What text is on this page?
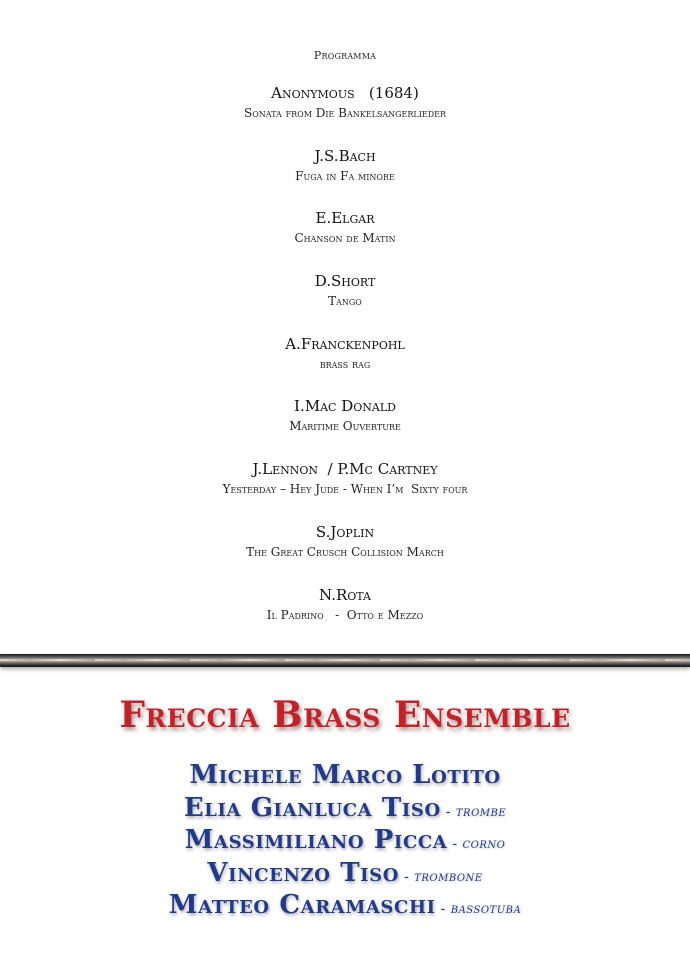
Programma
Anonymous   (1684)
Sonata from Die Bankelsangerlieder
J.S.Bach
Fuga in Fa minore
E.Elgar
Chanson de Matin
D.Short
Tango
A.Franckenpohl
brass rag
I.Mac Donald
Maritime Ouverture
J.Lennon  / P.Mc Cartney
Yesterday – Hey Jude - When I’m  Sixty four
S.Joplin
The Great Crusch Collision March
N.Rota
Il Padrino   -  Otto e Mezzo
Freccia Brass Ensemble
Michele Marco Lotito
Elia Gianluca Tiso - trombe
Massimiliano Picca - corno
Vincenzo Tiso - trombone
Matteo Caramaschi - bassotuba
